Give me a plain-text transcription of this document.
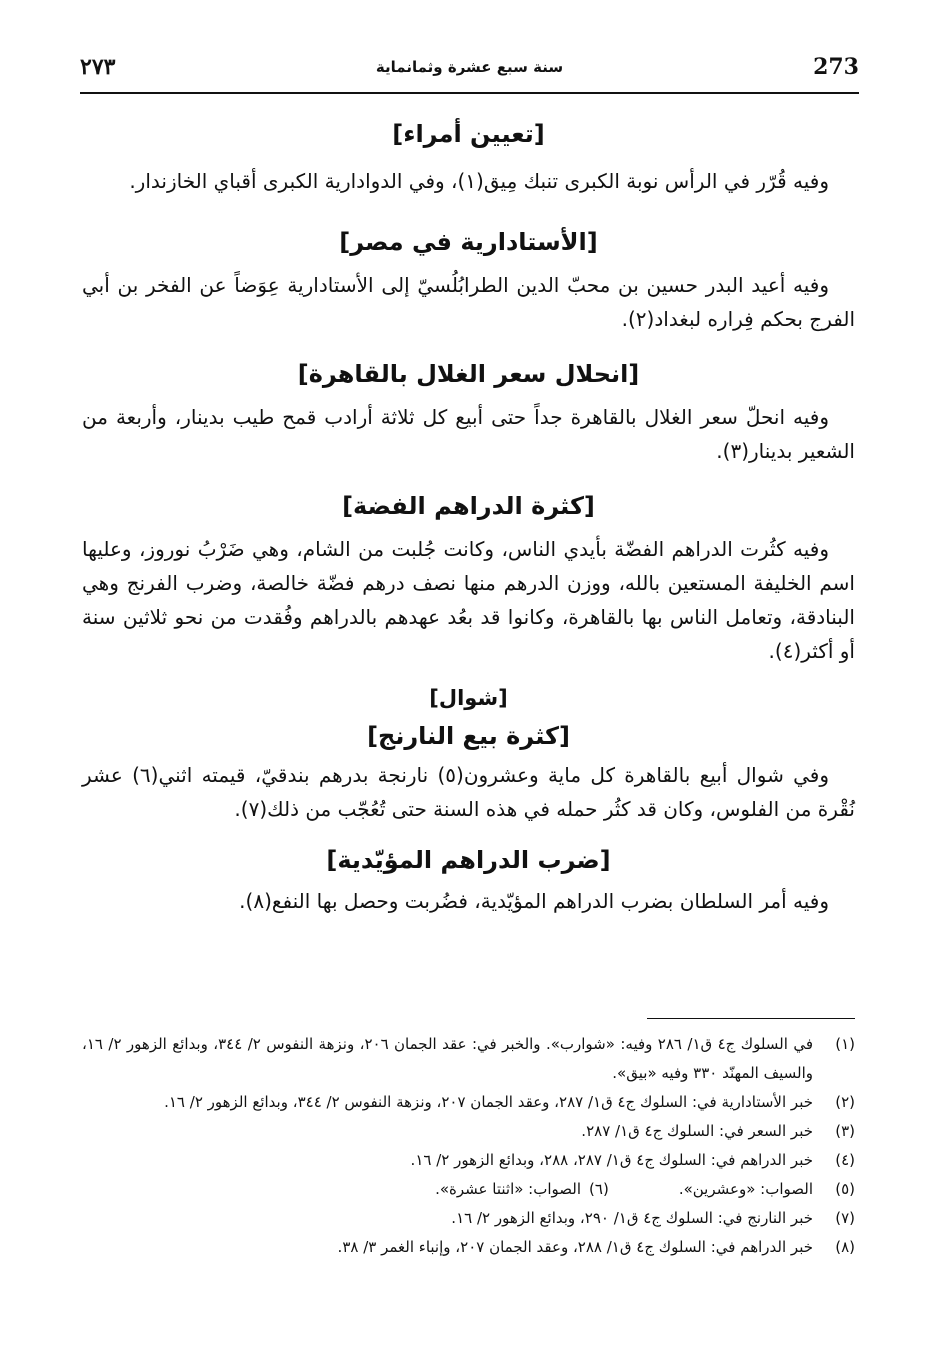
273
سنة سبع عشرة وثمانماية
٢٧٣
[تعيين أمراء]

وفيه قُرّر في الرأس نوبة الكبرى تنبك مِيق(١)، وفي الدوادارية الكبرى أقباي الخازندار.

[الأستادارية في مصر]

وفيه أعيد البدر حسين بن محبّ الدين الطرابُلُسيّ إلى الأستادارية عِوَضاً عن الفخر بن أبي الفرج بحكم فِراره لبغداد(٢).

[انحلال سعر الغلال بالقاهرة]

وفيه انحلّ سعر الغلال بالقاهرة جداً حتى أبيع كل ثلاثة أرادب قمح طيب بدينار، وأربعة من الشعير بدينار(٣).

[كثرة الدراهم الفضة]

وفيه كثُرت الدراهم الفضّة بأيدي الناس، وكانت جُلبت من الشام، وهي ضَرْبُ نوروز، وعليها اسم الخليفة المستعين بالله، ووزن الدرهم منها نصف درهم فضّة خالصة، وضرب الفرنج وهي البنادقة، وتعامل الناس بها بالقاهرة، وكانوا قد بعُد عهدهم بالدراهم وفُقدت من نحو ثلاثين سنة أو أكثر(٤).

[شوال]
[كثرة بيع النارنج]

وفي شوال أبيع بالقاهرة كل ماية وعشرون(٥) نارنجة بدرهم بندقيّ، قيمته اثني(٦) عشر نُقْرة من الفلوس، وكان قد كثُر حمله في هذه السنة حتى تُعُجّب من ذلك(٧).

[ضرب الدراهم المؤيّدية]

وفيه أمر السلطان بضرب الدراهم المؤيّدية، فضُربت وحصل بها النفع(٨).

(١)
في السلوك ج٤ ق١/ ٢٨٦ وفيه: «شوارب». والخبر في: عقد الجمان ٢٠٦، ونزهة النفوس ٢/ ٣٤٤، وبدائع الزهور ٢/ ١٦، والسيف المهنّد ٣٣٠ وفيه «بيق».
(٢)
خبر الأستادارية في: السلوك ج٤ ق١/ ٢٨٧، وعقد الجمان ٢٠٧، ونزهة النفوس ٢/ ٣٤٤، وبدائع الزهور ٢/ ١٦.
(٣)
خبر السعر في: السلوك ج٤ ق١/ ٢٨٧.
(٤)
خبر الدراهم في: السلوك ج٤ ق١/ ٢٨٧، ٢٨٨، وبدائع الزهور ٢/ ١٦.
(٥)
الصواب: «وعشرين».
(٦)
الصواب: «اثنتا عشرة».
(٧)
خبر النارنج في: السلوك ج٤ ق١/ ٢٩٠، وبدائع الزهور ٢/ ١٦.
(٨)
خبر الدراهم في: السلوك ج٤ ق١/ ٢٨٨، وعقد الجمان ٢٠٧، وإنباء الغمر ٣/ ٣٨.
